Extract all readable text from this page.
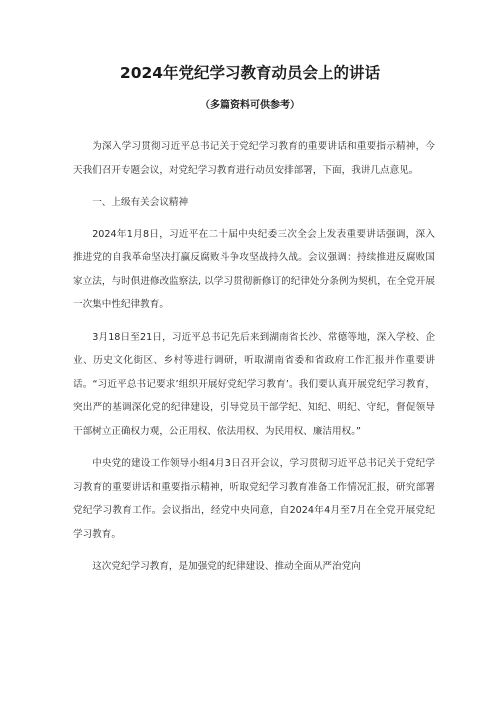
2024年党纪学习教育动员会上的讲话
（多篇资料可供参考）

为深入学习贯彻习近平总书记关于党纪学习教育的重要讲话和重要指示精神，今天我们召开专题会议，对党纪学习教育进行动员安排部署，下面，我讲几点意见。

一、上级有关会议精神

2024年1月8日，习近平在二十届中央纪委三次全会上发表重要讲话强调，深入推进党的自我革命坚决打赢反腐败斗争攻坚战持久战。会议强调：持续推进反腐败国家立法，与时俱进修改监察法, 以学习贯彻新修订的纪律处分条例为契机，在全党开展一次集中性纪律教育。

3月18日至21日，习近平总书记先后来到湖南省长沙、常德等地，深入学校、企业、历史文化街区、乡村等进行调研，听取湖南省委和省政府工作汇报并作重要讲话。“习近平总书记要求’组织开展好党纪学习教育’。我们要认真开展党纪学习教育，突出严的基调深化党的纪律建设，引导党员干部学纪、知纪、明纪、守纪，督促领导干部树立正确权力观，公正用权、依法用权、为民用权、廉洁用权。”

中央党的建设工作领导小组4月3日召开会议，学习贯彻习近平总书记关于党纪学习教育的重要讲话和重要指示精神，听取党纪学习教育准备工作情况汇报，研究部署党纪学习教育工作。会议指出，经党中央同意，自2024年4月至7月在全党开展党纪学习教育。

这次党纪学习教育，是加强党的纪律建设、推动全面从严治党向
